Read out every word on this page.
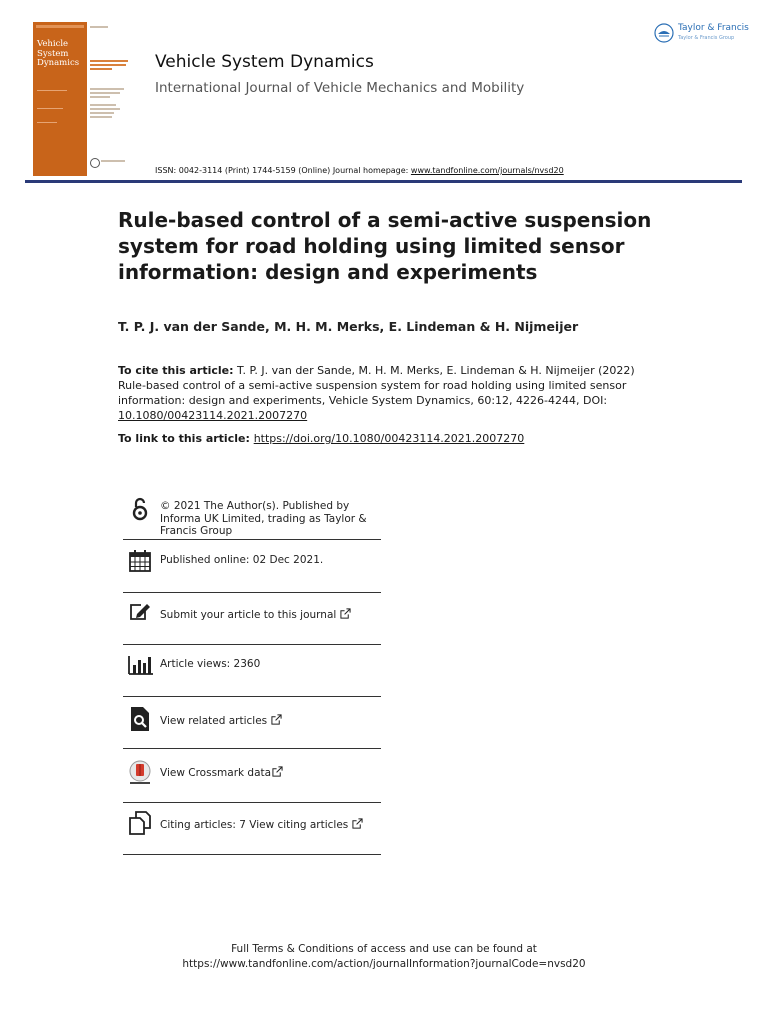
Vehicle
System
Dynamics	Vehicle System Dynamics
International Journal of Vehicle Mechanics and Mobility
ISSN: 0042-3114 (Print) 1744-5159 (Online) Journal homepage: www.tandfonline.com/journals/nvsd20
Taylor & Francis
Taylor & Francis Group
Rule-based control of a semi-active suspension system for road holding using limited sensor information: design and experiments
T. P. J. van der Sande, M. H. M. Merks, E. Lindeman & H. Nijmeijer
To cite this article: T. P. J. van der Sande, M. H. M. Merks, E. Lindeman & H. Nijmeijer (2022) Rule-based control of a semi-active suspension system for road holding using limited sensor information: design and experiments, Vehicle System Dynamics, 60:12, 4226-4244, DOI: 10.1080/00423114.2021.2007270
To link to this article: https://doi.org/10.1080/00423114.2021.2007270
© 2021 The Author(s). Published by Informa UK Limited, trading as Taylor & Francis Group
Published online: 02 Dec 2021.
Submit your article to this journal
Article views: 2360
View related articles
View Crossmark data
Citing articles: 7 View citing articles
Full Terms & Conditions of access and use can be found at
https://www.tandfonline.com/action/journalInformation?journalCode=nvsd20
